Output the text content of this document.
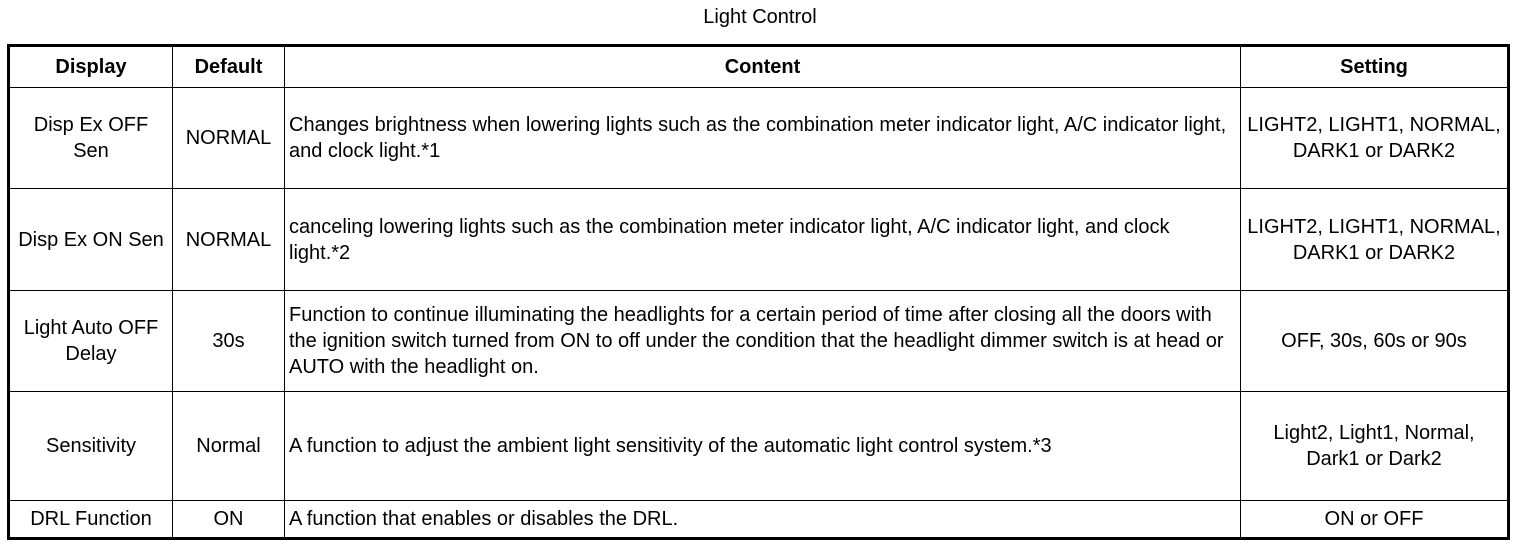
Light Control
Display	Default	Content	Setting
Disp Ex OFF Sen	NORMAL	Changes brightness when lowering lights such as the combination meter indicator light, A/C indicator light, and clock light.*1	LIGHT2, LIGHT1, NORMAL, DARK1 or DARK2
Disp Ex ON Sen	NORMAL	canceling lowering lights such as the combination meter indicator light, A/C indicator light, and clock light.*2	LIGHT2, LIGHT1, NORMAL, DARK1 or DARK2
Light Auto OFF Delay	30s	Function to continue illuminating the headlights for a certain period of time after closing all the doors with the ignition switch turned from ON to off under the condition that the headlight dimmer switch is at head or AUTO with the headlight on.	OFF, 30s, 60s or 90s
Sensitivity	Normal	A function to adjust the ambient light sensitivity of the automatic light control system.*3	Light2, Light1, Normal, Dark1 or Dark2
DRL Function	ON	A function that enables or disables the DRL.	ON or OFF
